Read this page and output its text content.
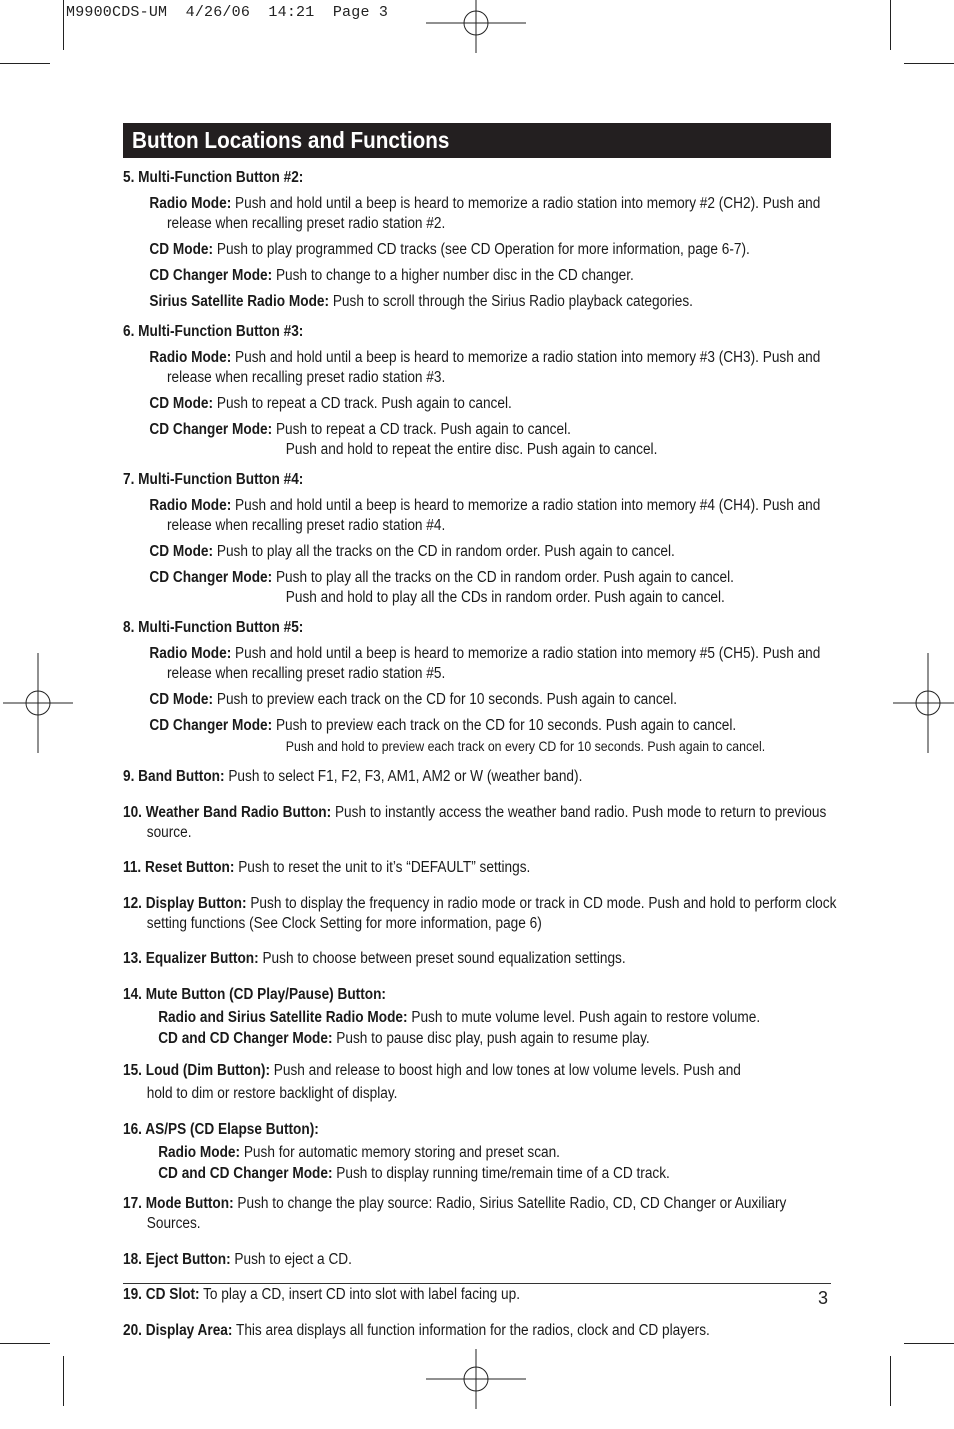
M9900CDS-UM  4/26/06  14:21  Page 3
Button Locations and Functions

5. Multi-Function Button #2:

Radio Mode: Push and hold until a beep is heard to memorize a radio station into memory #2 (CH2). Push and release when recalling preset radio station #2.

CD Mode: Push to play programmed CD tracks (see CD Operation for more information, page 6-7).

CD Changer Mode: Push to change to a higher number disc in the CD changer.

Sirius Satellite Radio Mode: Push to scroll through the Sirius Radio playback categories.

6. Multi-Function Button #3:

Radio Mode: Push and hold until a beep is heard to memorize a radio station into memory #3 (CH3). Push and release when recalling preset radio station #3.

CD Mode: Push to repeat a CD track. Push again to cancel.

CD Changer Mode: Push to repeat a CD track. Push again to cancel.
Push and hold to repeat the entire disc. Push again to cancel.

7. Multi-Function Button #4:

Radio Mode: Push and hold until a beep is heard to memorize a radio station into memory #4 (CH4). Push and release when recalling preset radio station #4.

CD Mode: Push to play all the tracks on the CD in random order. Push again to cancel.

CD Changer Mode: Push to play all the tracks on the CD in random order. Push again to cancel.
Push and hold to play all the CDs in random order. Push again to cancel.

8. Multi-Function Button #5:

Radio Mode: Push and hold until a beep is heard to memorize a radio station into memory #5 (CH5). Push and release when recalling preset radio station #5.

CD Mode: Push to preview each track on the CD for 10 seconds. Push again to cancel.

CD Changer Mode: Push to preview each track on the CD for 10 seconds. Push again to cancel.
Push and hold to preview each track on every CD for 10 seconds. Push again to cancel.

9. Band Button: Push to select F1, F2, F3, AM1, AM2 or W (weather band).

10. Weather Band Radio Button: Push to instantly access the weather band radio. Push mode to return to previous source.

11. Reset Button: Push to reset the unit to it’s “DEFAULT” settings.

12. Display Button: Push to display the frequency in radio mode or track in CD mode. Push and hold to perform clock setting functions (See Clock Setting for more information, page 6)

13. Equalizer Button: Push to choose between preset sound equalization settings.

14. Mute Button (CD Play/Pause) Button:

Radio and Sirius Satellite Radio Mode: Push to mute volume level. Push again to restore volume.

CD and CD Changer Mode: Push to pause disc play, push again to resume play.

15. Loud (Dim Button): Push and release to boost high and low tones at low volume levels. Push and
hold to dim or restore backlight of display.

16. AS/PS (CD Elapse Button):

Radio Mode: Push for automatic memory storing and preset scan.

CD and CD Changer Mode: Push to display running time/remain time of a CD track.

17. Mode Button: Push to change the play source: Radio, Sirius Satellite Radio, CD, CD Changer or Auxiliary Sources.

18. Eject Button: Push to eject a CD.

19. CD Slot: To play a CD, insert CD into slot with label facing up.

20. Display Area: This area displays all function information for the radios, clock and CD players.

3
